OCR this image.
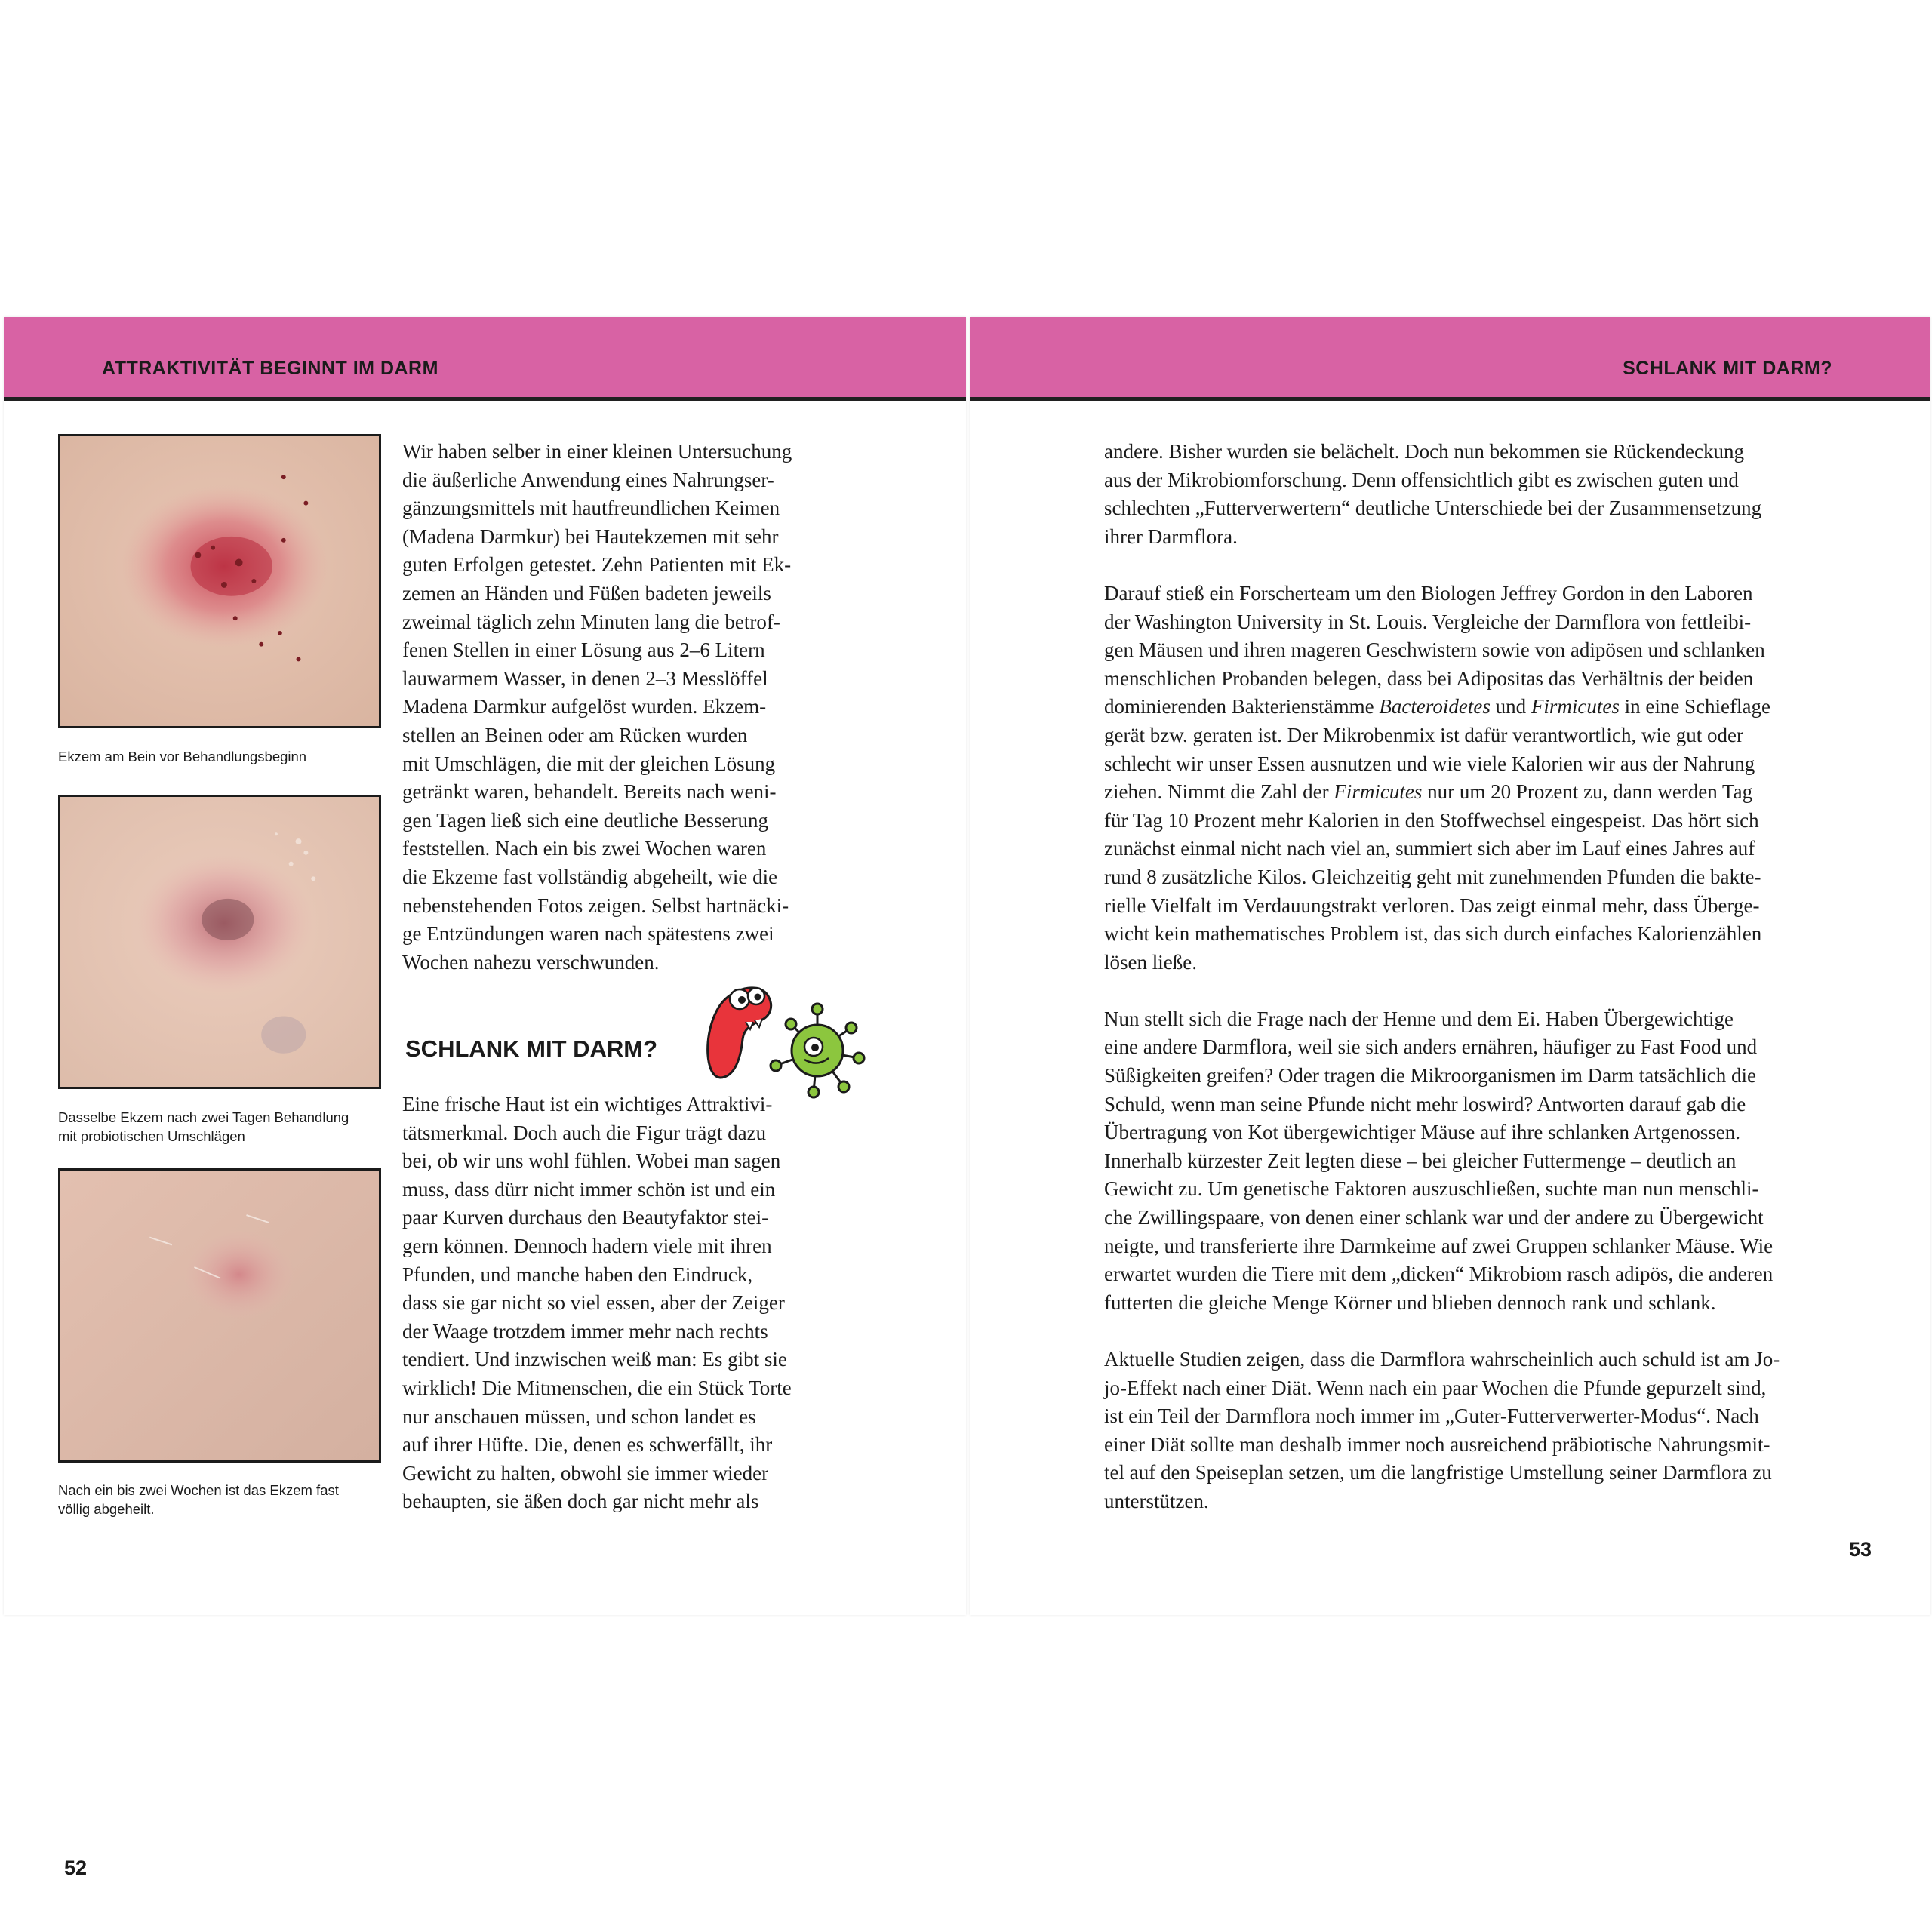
ATTRAKTIVITÄT BEGINNT IM DARM
52
SCHLANK MIT DARM?
53
Ekzem am Bein vor Behandlungsbeginn
Dasselbe Ekzem nach zwei Tagen Behandlung
mit probiotischen Umschlägen
Nach ein bis zwei Wochen ist das Ekzem fast
völlig abgeheilt.
Wir haben selber in einer kleinen Untersuchung
die äußerliche Anwendung eines Nahrungser-
gänzungsmittels mit hautfreundlichen Keimen
(Madena Darmkur) bei Hautekzemen mit sehr
guten Erfolgen getestet. Zehn Patienten mit Ek-
zemen an Händen und Füßen badeten jeweils
zweimal täglich zehn Minuten lang die betrof-
fenen Stellen in einer Lösung aus 2–6 Litern
lauwarmem Wasser, in denen 2–3 Messlöffel
Madena Darmkur aufgelöst wurden. Ekzem-
stellen an Beinen oder am Rücken wurden
mit Umschlägen, die mit der gleichen Lösung
getränkt waren, behandelt. Bereits nach weni-
gen Tagen ließ sich eine deutliche Besserung
feststellen. Nach ein bis zwei Wochen waren
die Ekzeme fast vollständig abgeheilt, wie die
nebenstehenden Fotos zeigen. Selbst hartnäcki-
ge Entzündungen waren nach spätestens zwei
Wochen nahezu verschwunden.
SCHLANK MIT DARM?
Eine frische Haut ist ein wichtiges Attraktivi-
tätsmerkmal. Doch auch die Figur trägt dazu
bei, ob wir uns wohl fühlen. Wobei man sagen
muss, dass dürr nicht immer schön ist und ein
paar Kurven durchaus den Beautyfaktor stei-
gern können. Dennoch hadern viele mit ihren
Pfunden, und manche haben den Eindruck,
dass sie gar nicht so viel essen, aber der Zeiger
der Waage trotzdem immer mehr nach rechts
tendiert. Und inzwischen weiß man: Es gibt sie
wirklich! Die Mitmenschen, die ein Stück Torte
nur anschauen müssen, und schon landet es
auf ihrer Hüfte. Die, denen es schwerfällt, ihr
Gewicht zu halten, obwohl sie immer wieder
behaupten, sie äßen doch gar nicht mehr als
andere. Bisher wurden sie belächelt. Doch nun bekommen sie Rückendeckung
aus der Mikrobiomforschung. Denn offensichtlich gibt es zwischen guten und
schlechten „Futterverwertern“ deutliche Unterschiede bei der Zusammensetzung
ihrer Darmflora.
Darauf stieß ein Forscherteam um den Biologen Jeffrey Gordon in den Laboren
der Washington University in St. Louis. Vergleiche der Darmflora von fettleibi-
gen Mäusen und ihren mageren Geschwistern sowie von adipösen und schlanken
menschlichen Probanden belegen, dass bei Adipositas das Verhältnis der beiden
dominierenden Bakterienstämme Bacteroidetes und Firmicutes in eine Schieflage
gerät bzw. geraten ist. Der Mikrobenmix ist dafür verantwortlich, wie gut oder
schlecht wir unser Essen ausnutzen und wie viele Kalorien wir aus der Nahrung
ziehen. Nimmt die Zahl der Firmicutes nur um 20 Prozent zu, dann werden Tag
für Tag 10 Prozent mehr Kalorien in den Stoffwechsel eingespeist. Das hört sich
zunächst einmal nicht nach viel an, summiert sich aber im Lauf eines Jahres auf
rund 8 zusätzliche Kilos. Gleichzeitig geht mit zunehmenden Pfunden die bakte-
rielle Vielfalt im Verdauungstrakt verloren. Das zeigt einmal mehr, dass Überge-
wicht kein mathematisches Problem ist, das sich durch einfaches Kalorienzählen
lösen ließe.
Nun stellt sich die Frage nach der Henne und dem Ei. Haben Übergewichtige
eine andere Darmflora, weil sie sich anders ernähren, häufiger zu Fast Food und
Süßigkeiten greifen? Oder tragen die Mikroorganismen im Darm tatsächlich die
Schuld, wenn man seine Pfunde nicht mehr loswird? Antworten darauf gab die
Übertragung von Kot übergewichtiger Mäuse auf ihre schlanken Artgenossen.
Innerhalb kürzester Zeit legten diese – bei gleicher Futtermenge – deutlich an
Gewicht zu. Um genetische Faktoren auszuschließen, suchte man nun menschli-
che Zwillingspaare, von denen einer schlank war und der andere zu Übergewicht
neigte, und transferierte ihre Darmkeime auf zwei Gruppen schlanker Mäuse. Wie
erwartet wurden die Tiere mit dem „dicken“ Mikrobiom rasch adipös, die anderen
futterten die gleiche Menge Körner und blieben dennoch rank und schlank.
Aktuelle Studien zeigen, dass die Darmflora wahrscheinlich auch schuld ist am Jo-
jo-Effekt nach einer Diät. Wenn nach ein paar Wochen die Pfunde gepurzelt sind,
ist ein Teil der Darmflora noch immer im „Guter-Futterverwerter-Modus“. Nach
einer Diät sollte man deshalb immer noch ausreichend präbiotische Nahrungsmit-
tel auf den Speiseplan setzen, um die langfristige Umstellung seiner Darmflora zu
unterstützen.
